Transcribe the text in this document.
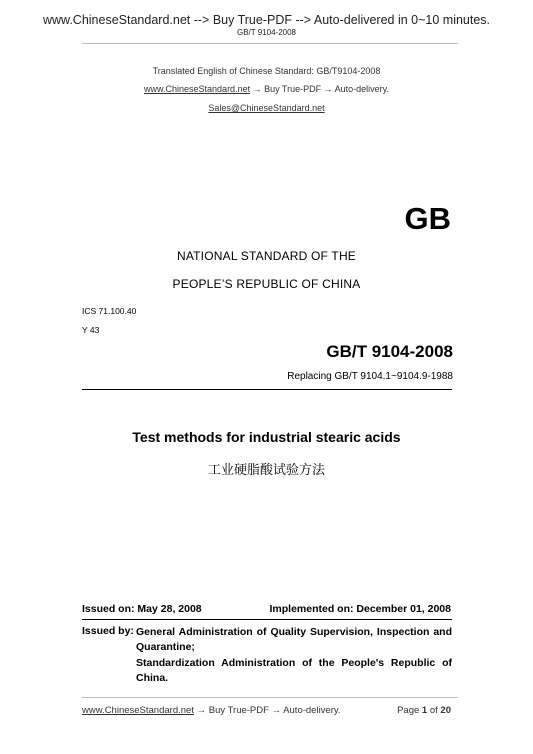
www.ChineseStandard.net --> Buy True-PDF --> Auto-delivered in 0~10 minutes.
GB/T 9104-2008
Translated English of Chinese Standard: GB/T9104-2008
www.ChineseStandard.net → Buy True-PDF → Auto-delivery.
Sales@ChineseStandard.net
GB
NATIONAL STANDARD OF THE
PEOPLE’S REPUBLIC OF CHINA
ICS 71.100.40
Y 43
GB/T 9104-2008
Replacing GB/T 9104.1~9104.9-1988
Test methods for industrial stearic acids
工业硬脂酸试验方法
Issued on: May 28, 2008	Implemented on: December 01, 2008
Issued by: General Administration of Quality Supervision, Inspection and Quarantine;
Standardization Administration of the People's Republic of China.
www.ChineseStandard.net → Buy True-PDF → Auto-delivery.	Page 1 of 20
